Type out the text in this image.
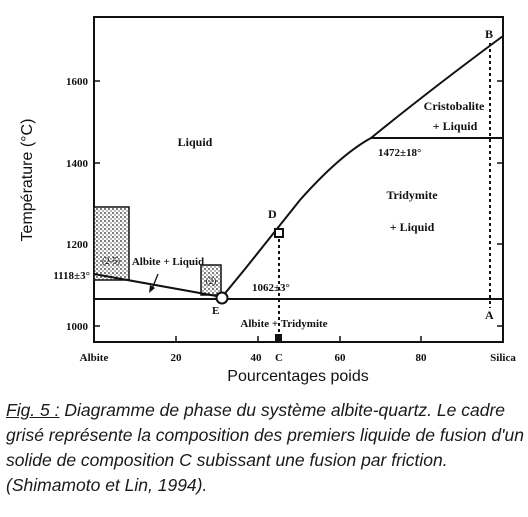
1000
1200
1400
1600
Albite	20	40 C	60	80	Silica
Température (°C)
Pourcentages poids
(2-5)
(2)
B
A
D
E
Liquid
Albite + Liquid
Albite + Tridymite
Tridymite
+ Liquid
Cristobalite
+ Liquid
1118±3°
1062±3°
1472±18°
Fig. 5 : Diagramme de phase du système albite-quartz. Le cadre grisé représente la composition des premiers liquide de fusion d'un solide de composition C subissant une fusion par friction. (Shimamoto et Lin, 1994).
